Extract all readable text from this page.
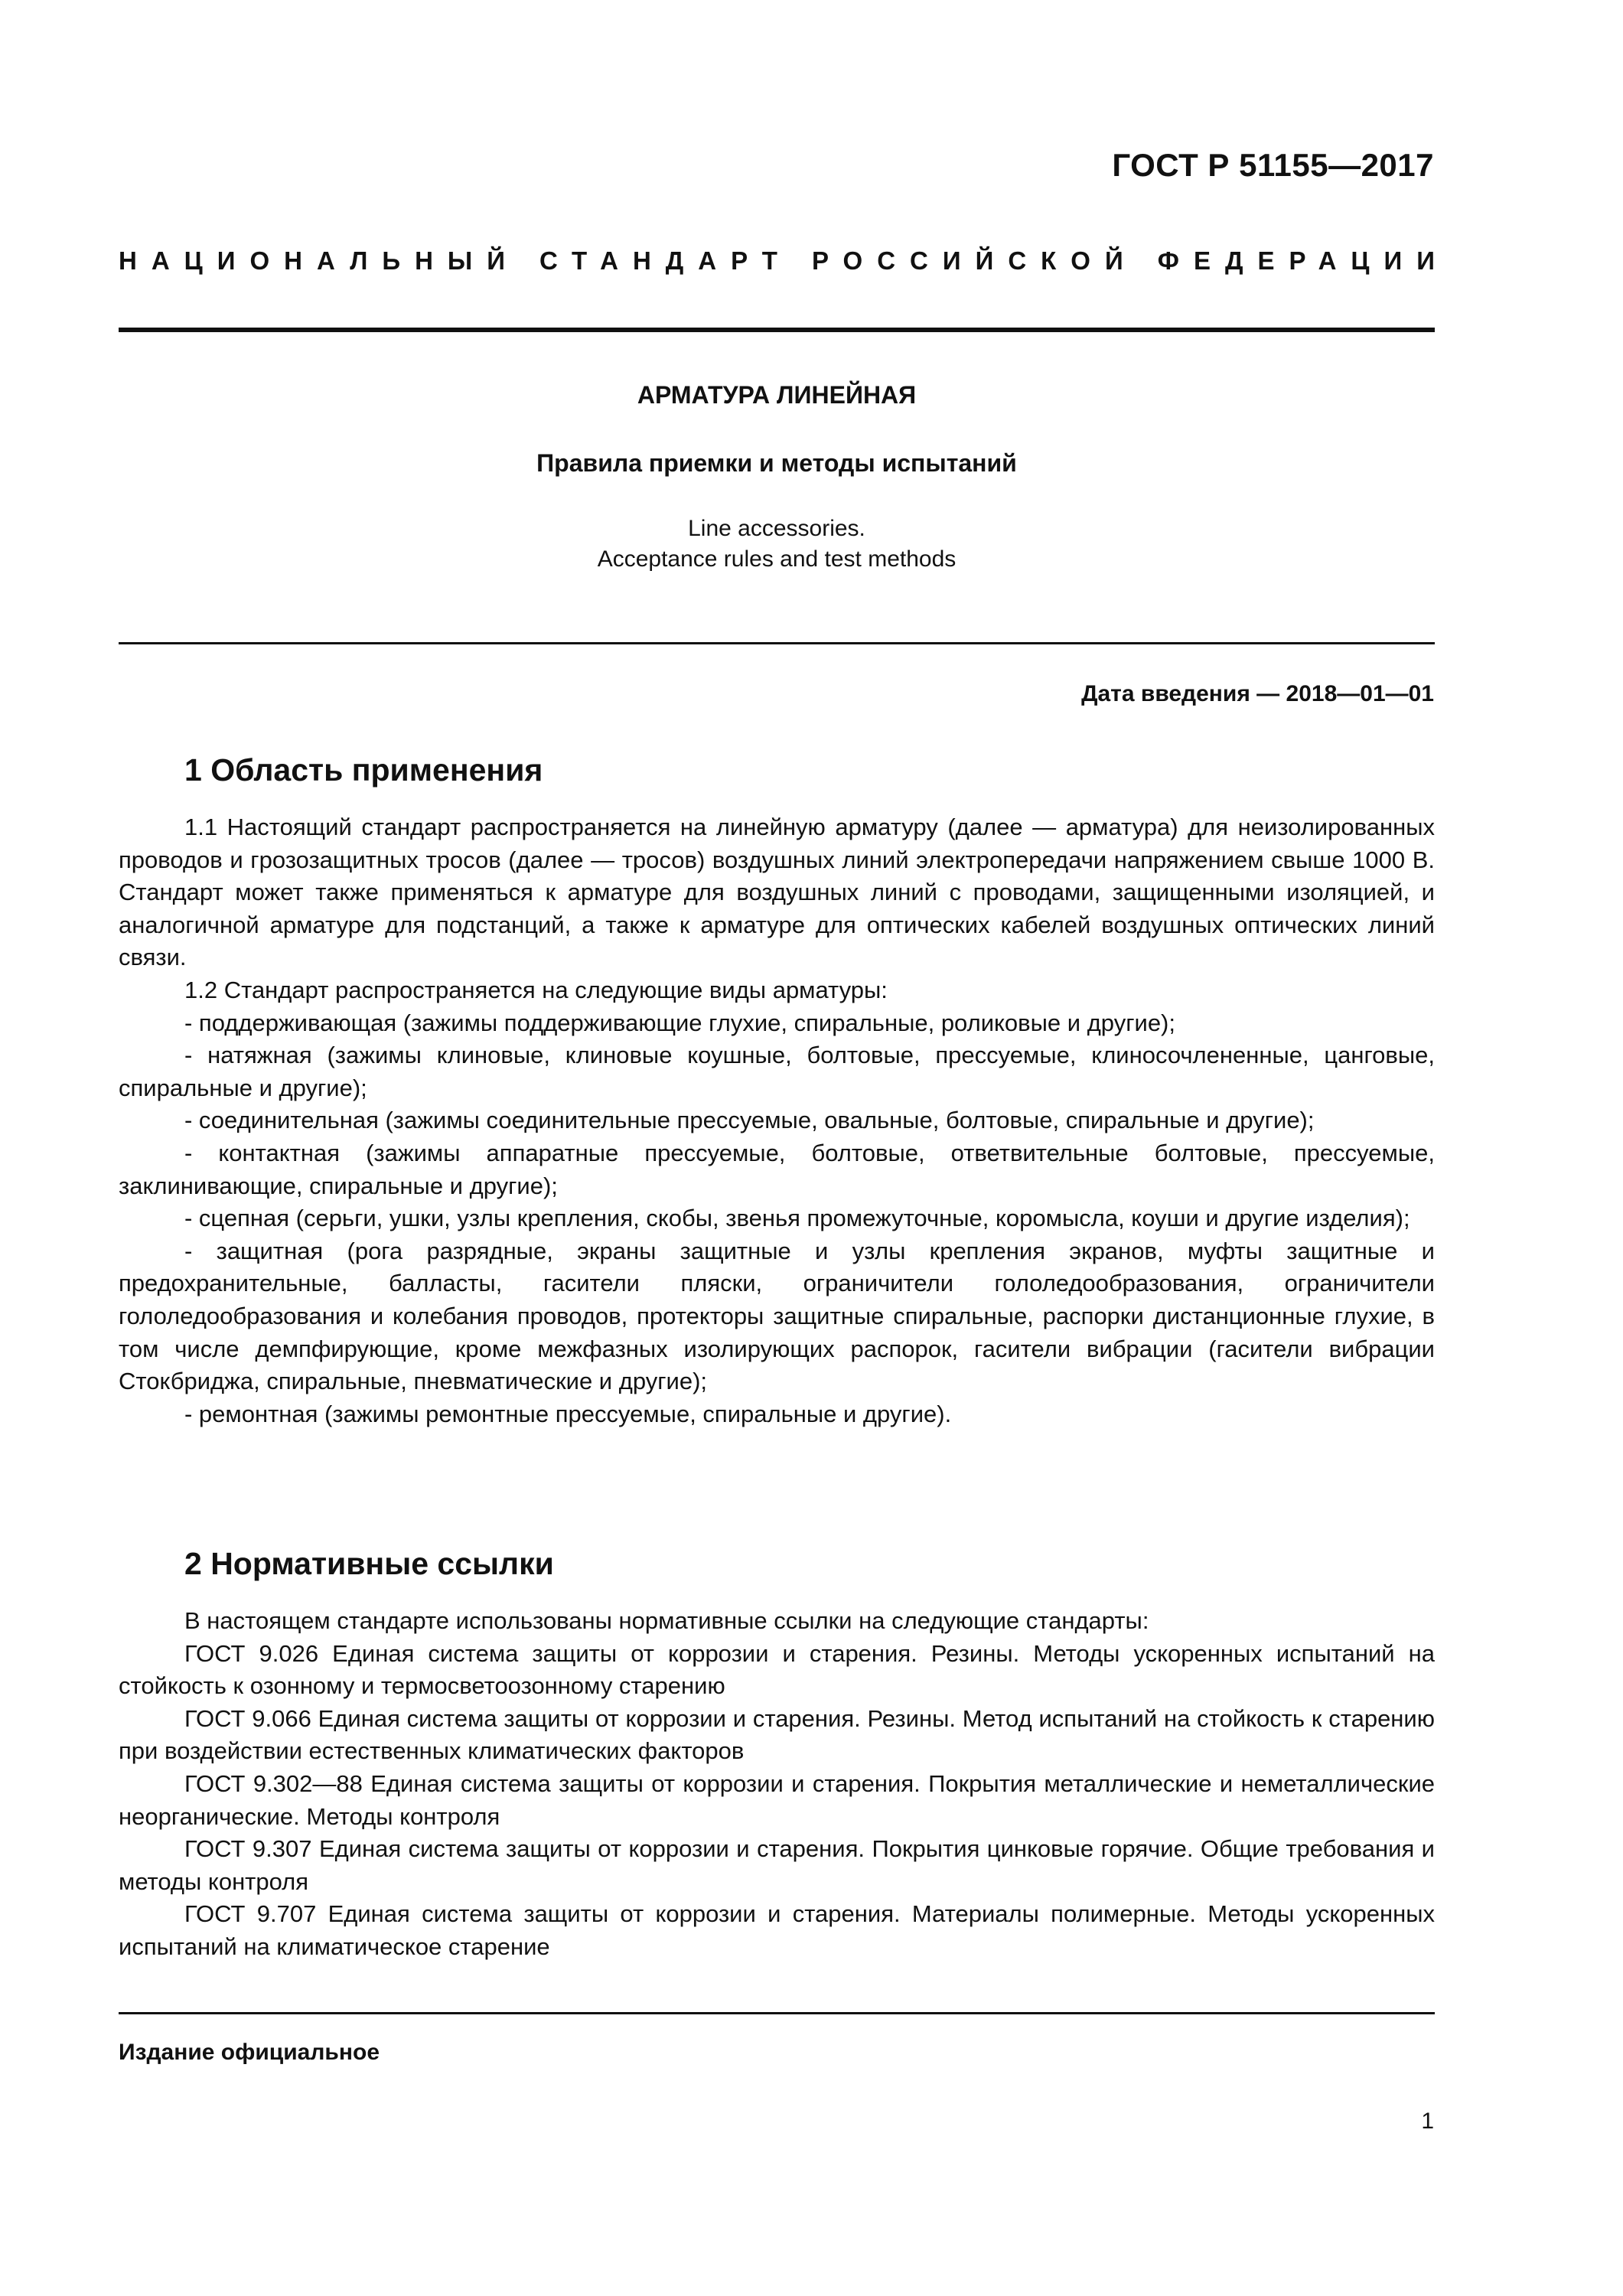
ГОСТ Р 51155—2017
НАЦИОНАЛЬНЫЙ СТАНДАРТ РОССИЙСКОЙ ФЕДЕРАЦИИ
АРМАТУРА ЛИНЕЙНАЯ
Правила приемки и методы испытаний
Line accessories.
Acceptance rules and test methods
Дата введения — 2018—01—01
1 Область применения

1.1 Настоящий стандарт распространяется на линейную арматуру (далее — арматура) для неизолированных проводов и грозозащитных тросов (далее — тросов) воздушных линий электропередачи напряжением свыше 1000 В. Стандарт может также применяться к арматуре для воздушных линий с проводами, защищенными изоляцией, и аналогичной арматуре для подстанций, а также к арматуре для оптических кабелей воздушных оптических линий связи.

1.2 Стандарт распространяется на следующие виды арматуры:

- поддерживающая (зажимы поддерживающие глухие, спиральные, роликовые и другие);

- натяжная (зажимы клиновые, клиновые коушные, болтовые, прессуемые, клиносочлененные, цанговые, спиральные и другие);

- соединительная (зажимы соединительные прессуемые, овальные, болтовые, спиральные и другие);

- контактная (зажимы аппаратные прессуемые, болтовые, ответвительные болтовые, прессуемые, заклинивающие, спиральные и другие);

- сцепная (серьги, ушки, узлы крепления, скобы, звенья промежуточные, коромысла, коуши и другие изделия);

- защитная (рога разрядные, экраны защитные и узлы крепления экранов, муфты защитные и предохранительные, балласты, гасители пляски, ограничители гололедообразования, ограничители гололедообразования и колебания проводов, протекторы защитные спиральные, распорки дистанционные глухие, в том числе демпфирующие, кроме межфазных изолирующих распорок, гасители вибрации (гасители вибрации Стокбриджа, спиральные, пневматические и другие);

- ремонтная (зажимы ремонтные прессуемые, спиральные и другие).

2 Нормативные ссылки

В настоящем стандарте использованы нормативные ссылки на следующие стандарты:

ГОСТ 9.026 Единая система защиты от коррозии и старения. Резины. Методы ускоренных испытаний на стойкость к озонному и термосветоозонному старению

ГОСТ 9.066 Единая система защиты от коррозии и старения. Резины. Метод испытаний на стойкость к старению при воздействии естественных климатических факторов

ГОСТ 9.302—88 Единая система защиты от коррозии и старения. Покрытия металлические и неметаллические неорганические. Методы контроля

ГОСТ 9.307 Единая система защиты от коррозии и старения. Покрытия цинковые горячие. Общие требования и методы контроля

ГОСТ 9.707 Единая система защиты от коррозии и старения. Материалы полимерные. Методы ускоренных испытаний на климатическое старение

Издание официальное
1
